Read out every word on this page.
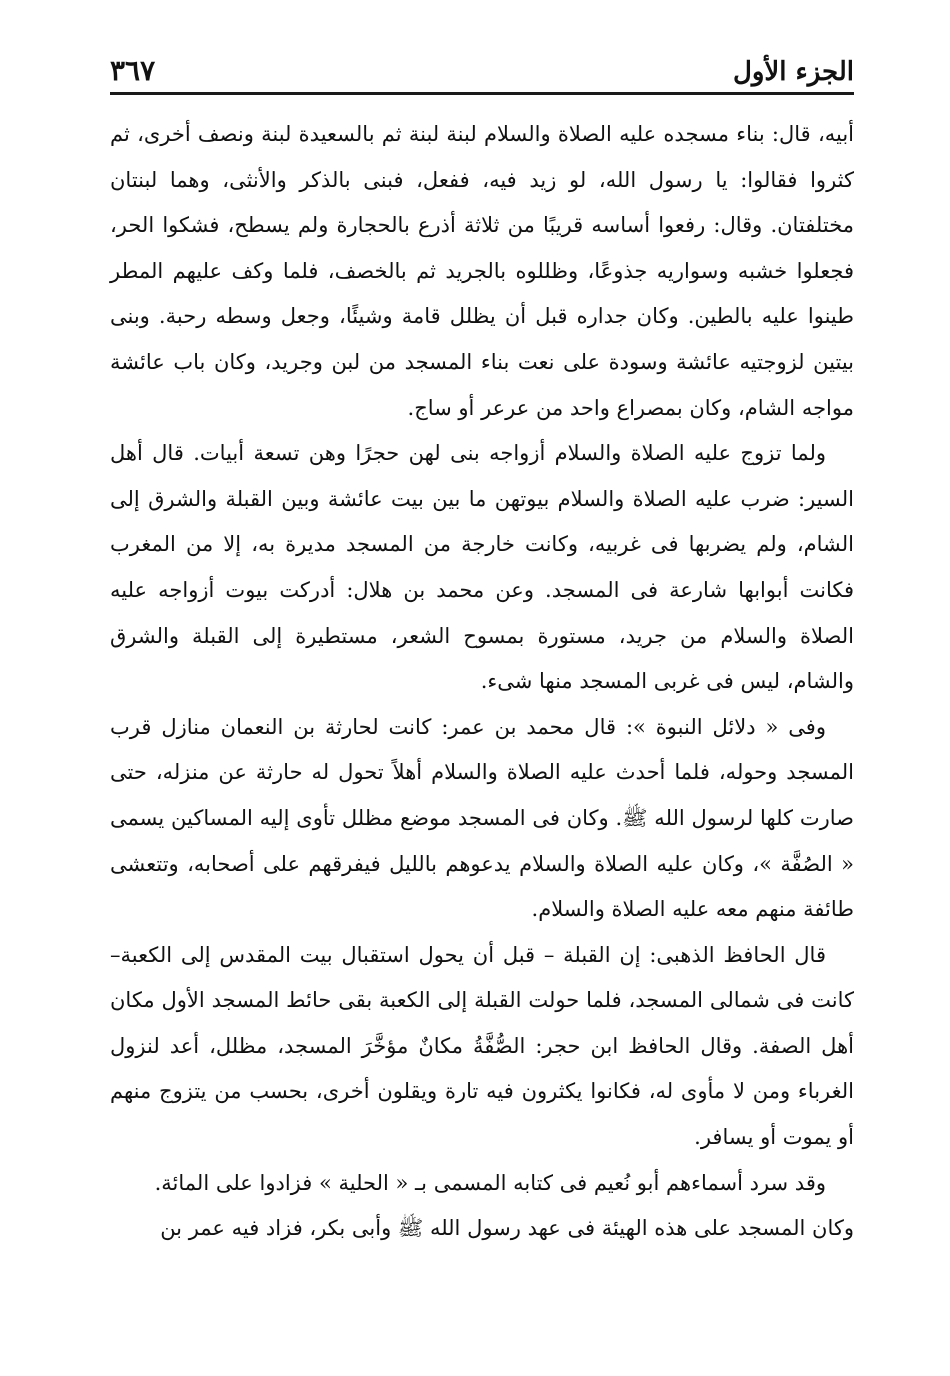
الجزء الأول
٣٦٧

أبيه، قال: بناء مسجده عليه الصلاة والسلام لبنة لبنة ثم بالسعيدة لبنة ونصف أخرى، ثم كثروا فقالوا: يا رسول الله، لو زيد فيه، ففعل، فبنى بالذكر والأنثى، وهما لبنتان مختلفتان. وقال: رفعوا أساسه قريبًا من ثلاثة أذرع بالحجارة ولم يسطح، فشكوا الحر، فجعلوا خشبه وسواريه جذوعًا، وظللوه بالجريد ثم بالخصف، فلما وكف عليهم المطر طينوا عليه بالطين. وكان جداره قبل أن يظلل قامة وشيئًا، وجعل وسطه رحبة. وبنى بيتين لزوجتيه عائشة وسودة على نعت بناء المسجد من لبن وجريد، وكان باب عائشة مواجه الشام، وكان بمصراع واحد من عرعر أو ساج.

ولما تزوج عليه الصلاة والسلام أزواجه بنى لهن حجرًا وهن تسعة أبيات. قال أهل السير: ضرب عليه الصلاة والسلام بيوتهن ما بين بيت عائشة وبين القبلة والشرق إلى الشام، ولم يضربها فى غربيه، وكانت خارجة من المسجد مديرة به، إلا من المغرب فكانت أبوابها شارعة فى المسجد. وعن محمد بن هلال: أدركت بيوت أزواجه عليه الصلاة والسلام من جريد، مستورة بمسوح الشعر، مستطيرة إلى القبلة والشرق والشام، ليس فى غربى المسجد منها شىء.

وفى « دلائل النبوة »: قال محمد بن عمر: كانت لحارثة بن النعمان منازل قرب المسجد وحوله، فلما أحدث عليه الصلاة والسلام أهلاً تحول له حارثة عن منزله، حتى صارت كلها لرسول الله ﷺ. وكان فى المسجد موضع مظلل تأوى إليه المساكين يسمى « الصُفَّة »، وكان عليه الصلاة والسلام يدعوهم بالليل فيفرقهم على أصحابه، وتتعشى طائفة منهم معه عليه الصلاة والسلام.

قال الحافظ الذهبى: إن القبلة – قبل أن يحول استقبال بيت المقدس إلى الكعبة– كانت فى شمالى المسجد، فلما حولت القبلة إلى الكعبة بقى حائط المسجد الأول مكان أهل الصفة. وقال الحافظ ابن حجر: الصُّفَّةُ مكانٌ مؤخَّرَ المسجد، مظلل، أعد لنزول الغرباء ومن لا مأوى له، فكانوا يكثرون فيه تارة ويقلون أخرى، بحسب من يتزوج منهم أو يموت أو يسافر.

وقد سرد أسماءهم أبو نُعيم فى كتابه المسمى بـ « الحلية » فزادوا على المائة.

وكان المسجد على هذه الهيئة فى عهد رسول الله ﷺ وأبى بكر، فزاد فيه عمر بن
